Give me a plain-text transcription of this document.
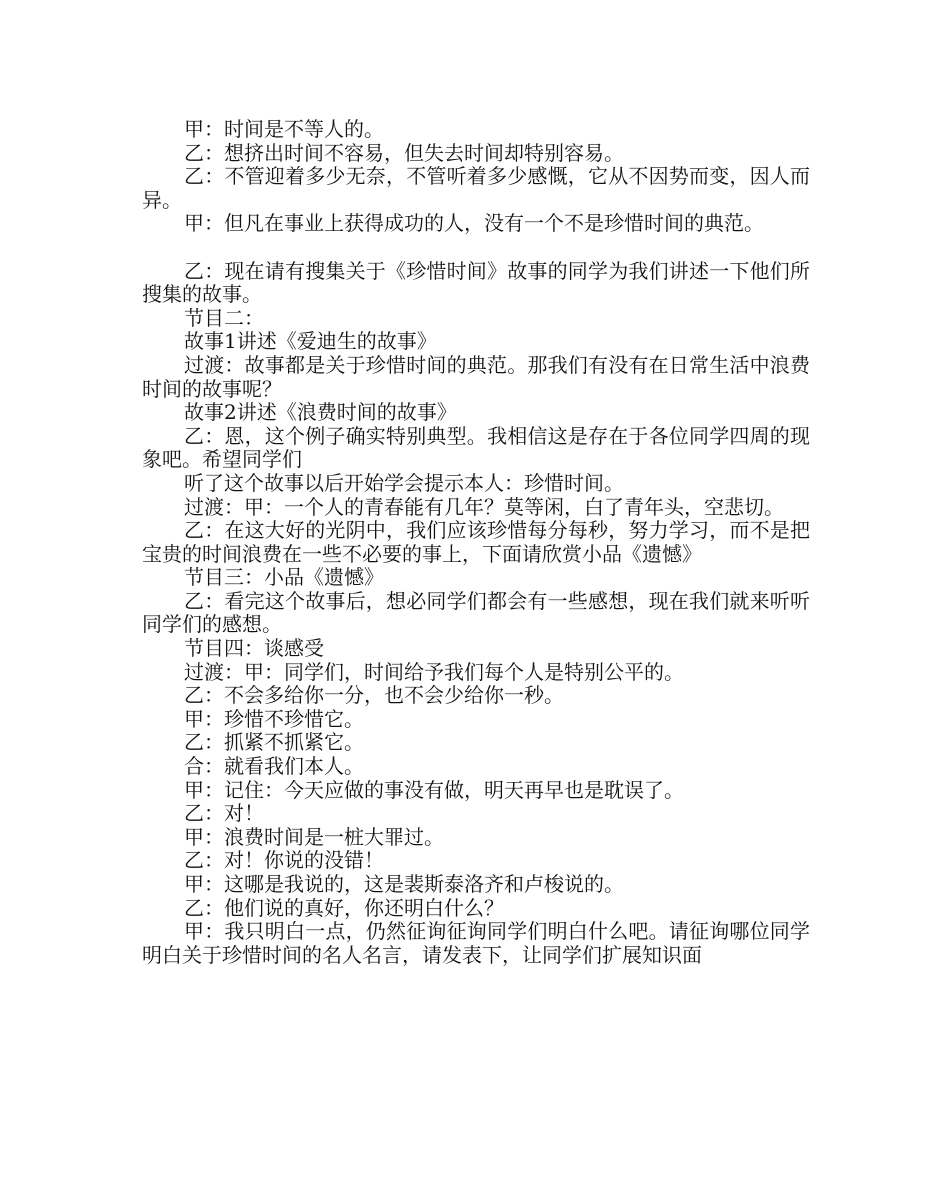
甲：时间是不等人的。

乙：想挤出时间不容易，但失去时间却特别容易。

乙：不管迎着多少无奈，不管听着多少感慨，它从不因势而变，因人而异。

甲：但凡在事业上获得成功的人，没有一个不是珍惜时间的典范。

乙：现在请有搜集关于《珍惜时间》故事的同学为我们讲述一下他们所搜集的故事。

节目二：

故事1讲述《爱迪生的故事》

过渡：故事都是关于珍惜时间的典范。那我们有没有在日常生活中浪费时间的故事呢？

故事2讲述《浪费时间的故事》

乙：恩，这个例子确实特别典型。我相信这是存在于各位同学四周的现象吧。希望同学们

听了这个故事以后开始学会提示本人：珍惜时间。

过渡：甲：一个人的青春能有几年？莫等闲，白了青年头，空悲切。

乙：在这大好的光阴中，我们应该珍惜每分每秒，努力学习，而不是把宝贵的时间浪费在一些不必要的事上，下面请欣赏小品《遗憾》

节目三：小品《遗憾》

乙：看完这个故事后，想必同学们都会有一些感想，现在我们就来听听同学们的感想。

节目四：谈感受

过渡：甲：同学们，时间给予我们每个人是特别公平的。

乙：不会多给你一分，也不会少给你一秒。

甲：珍惜不珍惜它。

乙：抓紧不抓紧它。

合：就看我们本人。

甲：记住：今天应做的事没有做，明天再早也是耽误了。

乙：对！

甲：浪费时间是一桩大罪过。

乙：对！你说的没错！

甲：这哪是我说的，这是裴斯泰洛齐和卢梭说的。

乙：他们说的真好，你还明白什么？

甲：我只明白一点，仍然征询征询同学们明白什么吧。请征询哪位同学明白关于珍惜时间的名人名言，请发表下，让同学们扩展知识面
